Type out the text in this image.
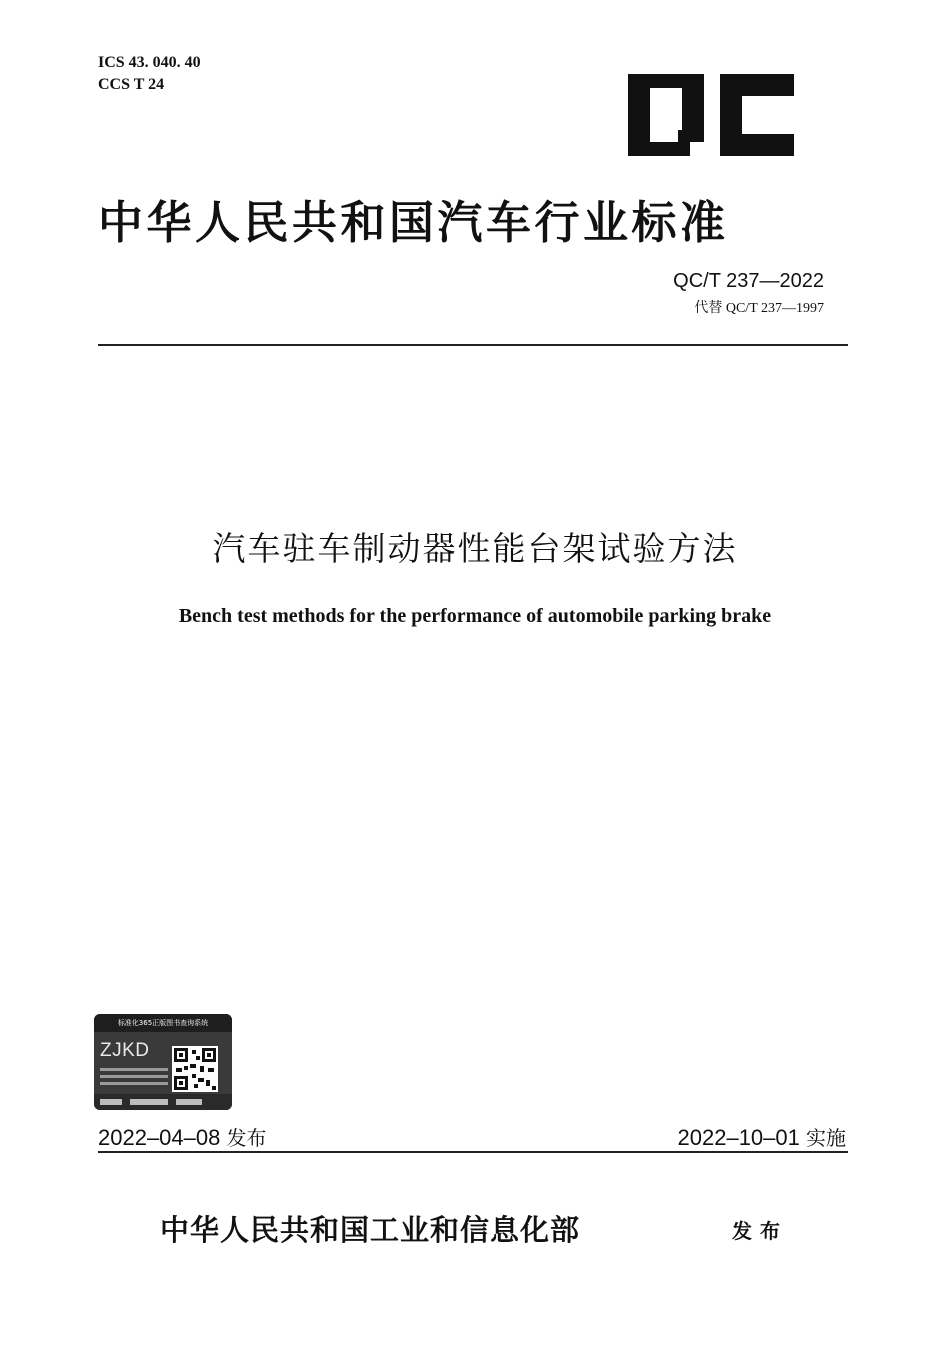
ICS 43. 040. 40
CCS T 24
中华人民共和国汽车行业标准
QC/T 237—2022
代替 QC/T 237—1997
汽车驻车制动器性能台架试验方法
Bench test methods for the performance of automobile parking brake
标准化365正版图书查询系统
ZJKD
2022–04–08 发布	2022–10–01 实施
中华人民共和国工业和信息化部	发布
